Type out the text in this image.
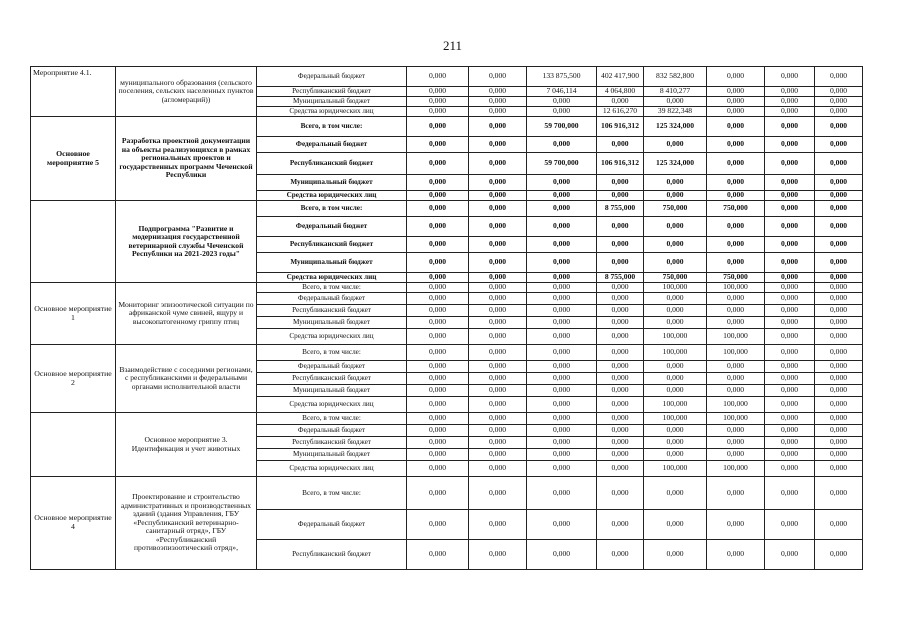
211
Мероприятие 4.1.	муниципального образования (сельского поселения, сельских населенных пунктов (агломераций))	Федеральный бюджет	0,000	0,000	133 875,500	402 417,900	832 582,800	0,000	0,000	0,000
		Республиканский бюджет	0,000	0,000	7 046,114	4 064,800	8 410,277	0,000	0,000	0,000
		Муниципальный бюджет	0,000	0,000	0,000	0,000	0,000	0,000	0,000	0,000
		Средства юридических лиц	0,000	0,000	0,000	12 616,270	39 822,348	0,000	0,000	0,000
Основное мероприятие 5	Разработка проектной документации на объекты реализующихся в рамках региональных проектов и государственных программ Чеченской Республики	Всего, в том числе:	0,000	0,000	59 700,000	106 916,312	125 324,000	0,000	0,000	0,000
		Федеральный бюджет	0,000	0,000	0,000	0,000	0,000	0,000	0,000	0,000
		Республиканский бюджет	0,000	0,000	59 700,000	106 916,312	125 324,000	0,000	0,000	0,000
		Муниципальный бюджет	0,000	0,000	0,000	0,000	0,000	0,000	0,000	0,000
		Средства юридических лиц	0,000	0,000	0,000	0,000	0,000	0,000	0,000	0,000
	Подпрограмма "Развитие и модернизация государственной ветеринарной службы Чеченской Республики на 2021-2023 годы"	Всего, в том числе:	0,000	0,000	0,000	8 755,000	750,000	750,000	0,000	0,000
		Федеральный бюджет	0,000	0,000	0,000	0,000	0,000	0,000	0,000	0,000
		Республиканский бюджет	0,000	0,000	0,000	0,000	0,000	0,000	0,000	0,000
		Муниципальный бюджет	0,000	0,000	0,000	0,000	0,000	0,000	0,000	0,000
		Средства юридических лиц	0,000	0,000	0,000	8 755,000	750,000	750,000	0,000	0,000
Основное мероприятие 1	Мониторинг эпизоотической ситуации по африканской чуме свиней, ящуру и высокопатогенному гриппу птиц	Всего, в том числе:	0,000	0,000	0,000	0,000	100,000	100,000	0,000	0,000
		Федеральный бюджет	0,000	0,000	0,000	0,000	0,000	0,000	0,000	0,000
		Республиканский бюджет	0,000	0,000	0,000	0,000	0,000	0,000	0,000	0,000
		Муниципальный бюджет	0,000	0,000	0,000	0,000	0,000	0,000	0,000	0,000
		Средства юридических лиц	0,000	0,000	0,000	0,000	100,000	100,000	0,000	0,000
Основное мероприятие 2	Взаимодействие с соседними регионами, с республиканскими и федеральными органами исполнительной власти	Всего, в том числе:	0,000	0,000	0,000	0,000	100,000	100,000	0,000	0,000
		Федеральный бюджет	0,000	0,000	0,000	0,000	0,000	0,000	0,000	0,000
		Республиканский бюджет	0,000	0,000	0,000	0,000	0,000	0,000	0,000	0,000
		Муниципальный бюджет	0,000	0,000	0,000	0,000	0,000	0,000	0,000	0,000
		Средства юридических лиц	0,000	0,000	0,000	0,000	100,000	100,000	0,000	0,000
	Основное мероприятие 3. Идентификация и учет животных	Всего, в том числе:	0,000	0,000	0,000	0,000	100,000	100,000	0,000	0,000
		Федеральный бюджет	0,000	0,000	0,000	0,000	0,000	0,000	0,000	0,000
		Республиканский бюджет	0,000	0,000	0,000	0,000	0,000	0,000	0,000	0,000
		Муниципальный бюджет	0,000	0,000	0,000	0,000	0,000	0,000	0,000	0,000
		Средства юридических лиц	0,000	0,000	0,000	0,000	100,000	100,000	0,000	0,000
Основное мероприятие 4	Проектирование и строительство административных и производственных зданий (здания Управления, ГБУ «Республиканский ветеринарно-санитарный отряд», ГБУ «Республиканский противоэпизоотический отряд»,	Всего, в том числе:	0,000	0,000	0,000	0,000	0,000	0,000	0,000	0,000
		Федеральный бюджет	0,000	0,000	0,000	0,000	0,000	0,000	0,000	0,000
		Республиканский бюджет	0,000	0,000	0,000	0,000	0,000	0,000	0,000	0,000
